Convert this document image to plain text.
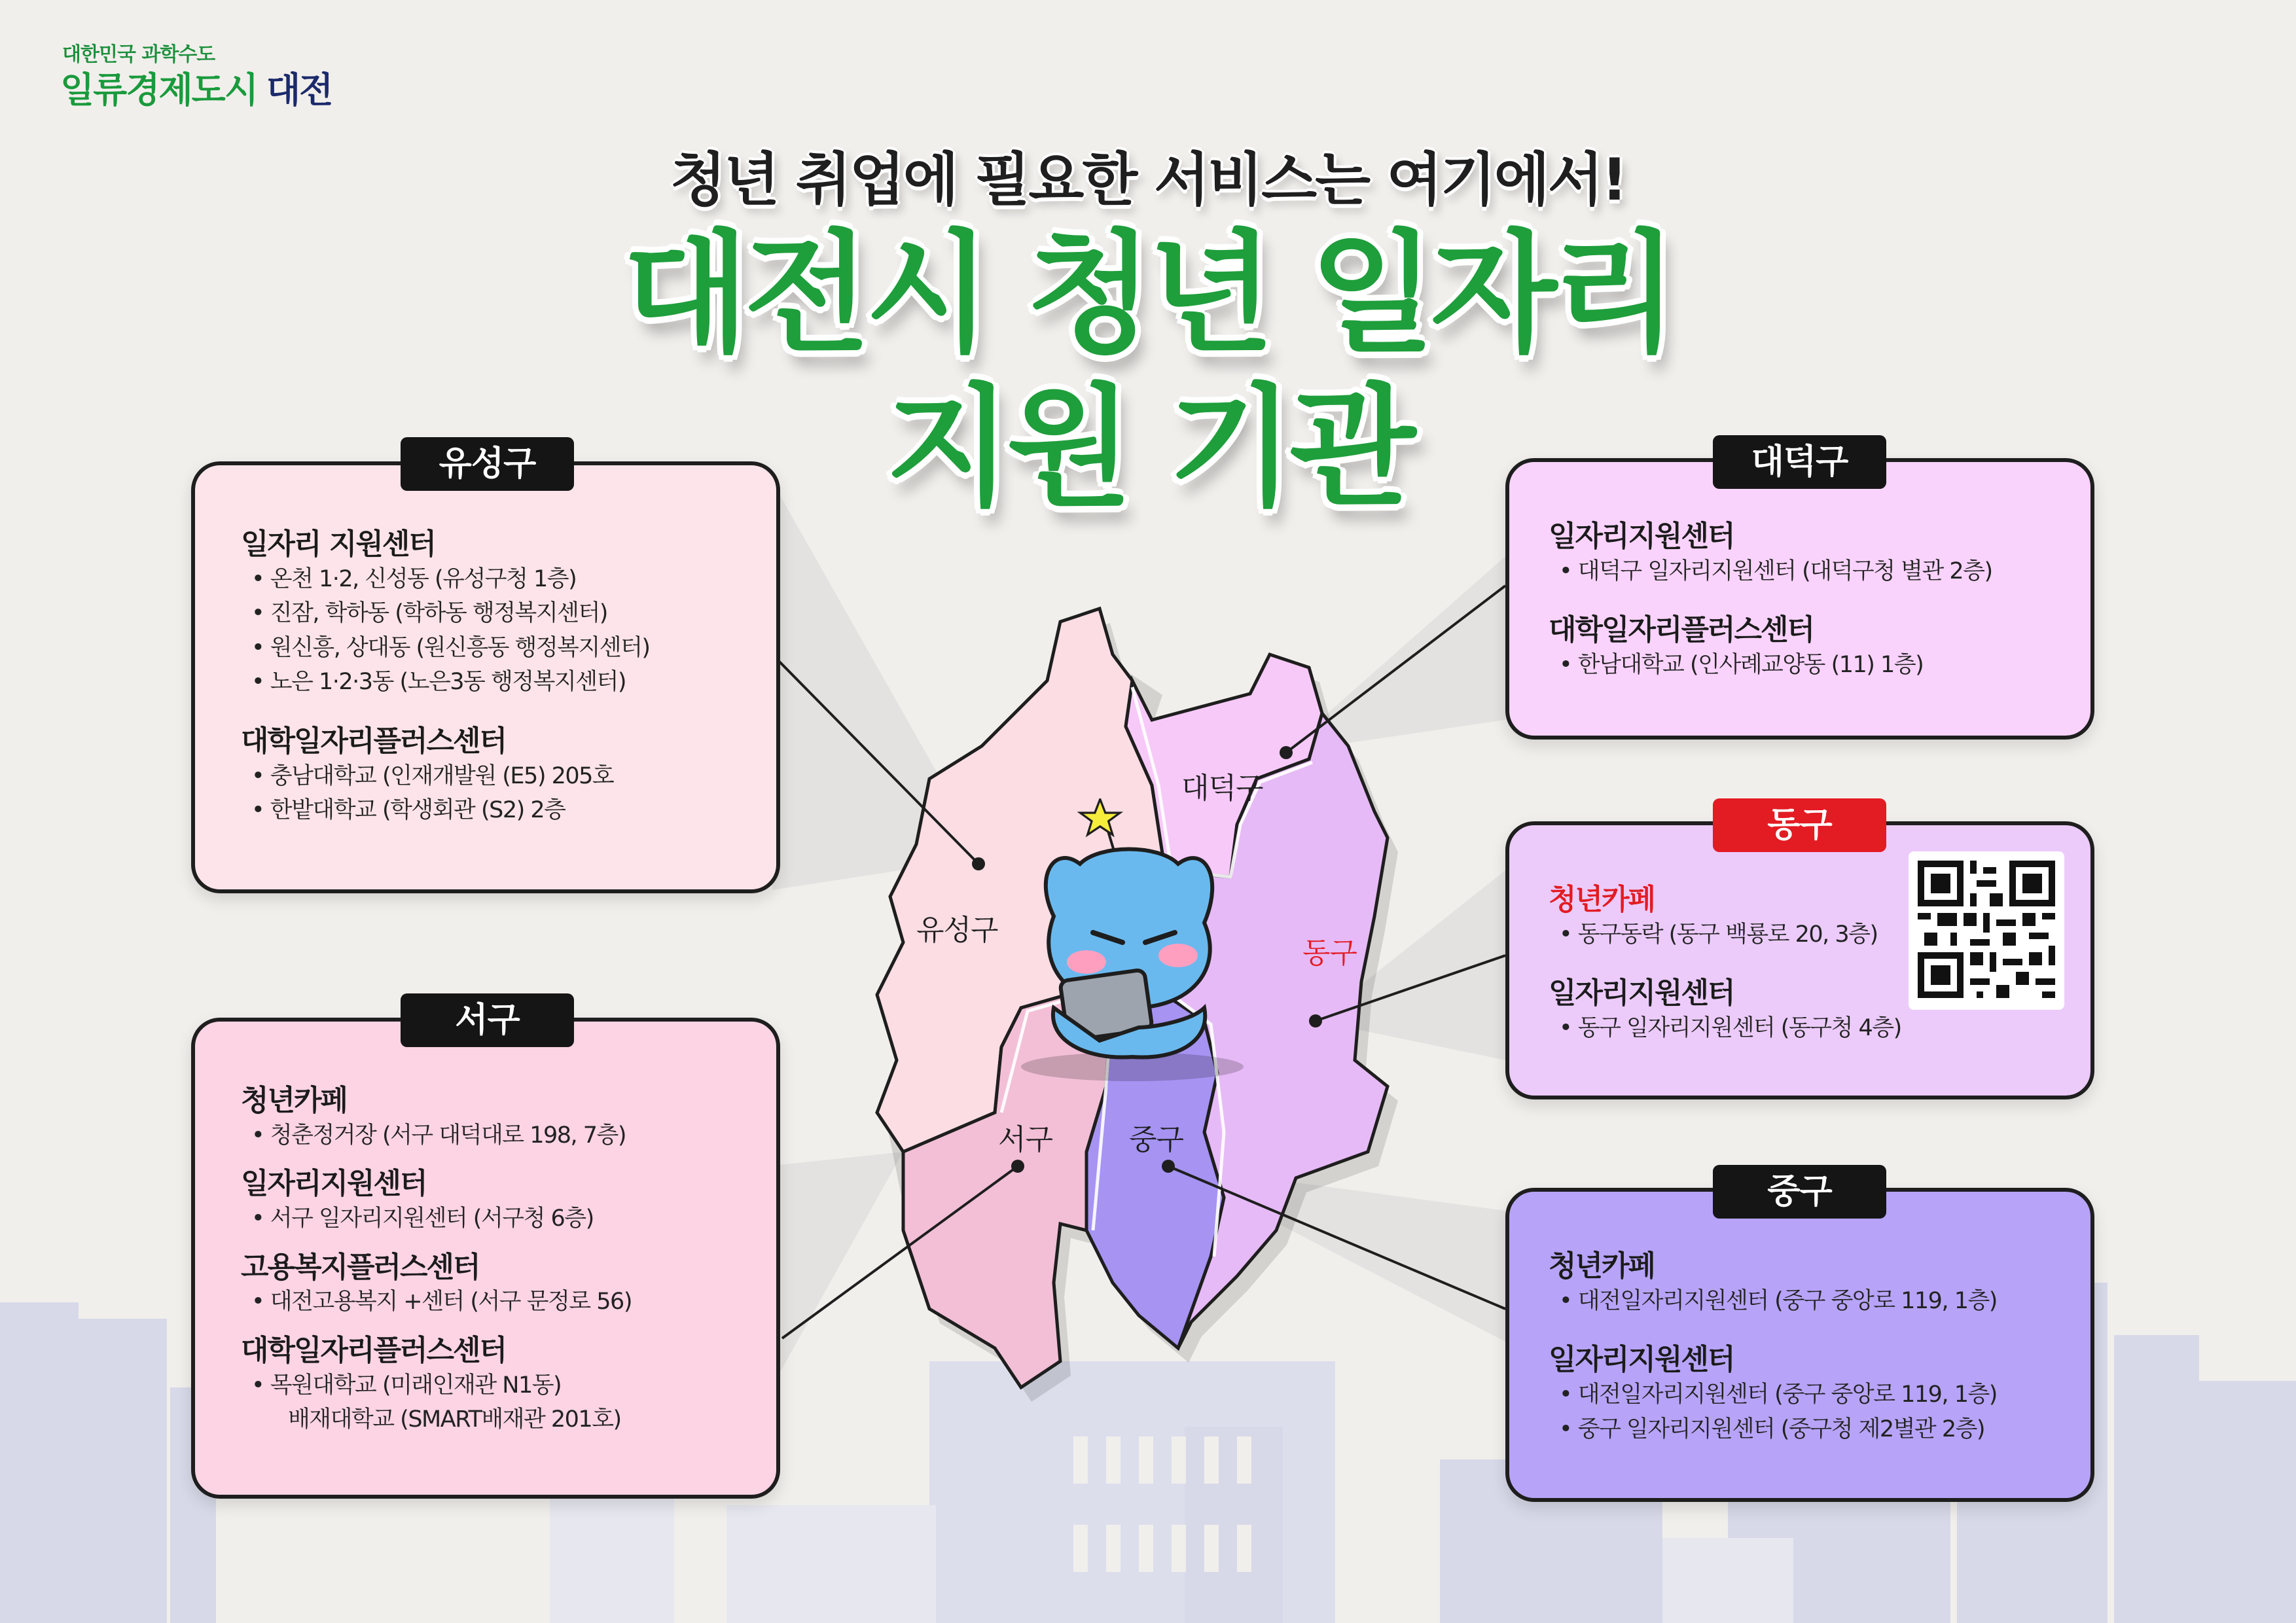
대한민국 과학수도
일류경제도시 대전
청년 취업에 필요한 서비스는 여기에서!
대전시 청년 일자리
지원 기관
유성구
대덕구
동구
서구	중구
일자리 지원센터
• 온천 1·2, 신성동 (유성구청 1층)
• 진잠, 학하동 (학하동 행정복지센터)
• 원신흥, 상대동 (원신흥동 행정복지센터)
• 노은 1·2·3동 (노은3동 행정복지센터)
대학일자리플러스센터
• 충남대학교 (인재개발원 (E5) 205호
• 한밭대학교 (학생회관 (S2) 2층
유성구
청년카페
• 청춘정거장 (서구 대덕대로 198, 7층)
일자리지원센터
• 서구 일자리지원센터 (서구청 6층)
고용복지플러스센터
• 대전고용복지 +센터 (서구 문정로 56)
대학일자리플러스센터
• 목원대학교 (미래인재관 N1동)
배재대학교 (SMART배재관 201호)
서구
일자리지원센터
• 대덕구 일자리지원센터 (대덕구청 별관 2층)
대학일자리플러스센터
• 한남대학교 (인사례교양동 (11) 1층)
대덕구
청년카페
• 동구동락 (동구 백룡로 20, 3층)
일자리지원센터
• 동구 일자리지원센터 (동구청 4층)
동구
청년카페
• 대전일자리지원센터 (중구 중앙로 119, 1층)
일자리지원센터
• 대전일자리지원센터 (중구 중앙로 119, 1층)
• 중구 일자리지원센터 (중구청 제2별관 2층)
중구
